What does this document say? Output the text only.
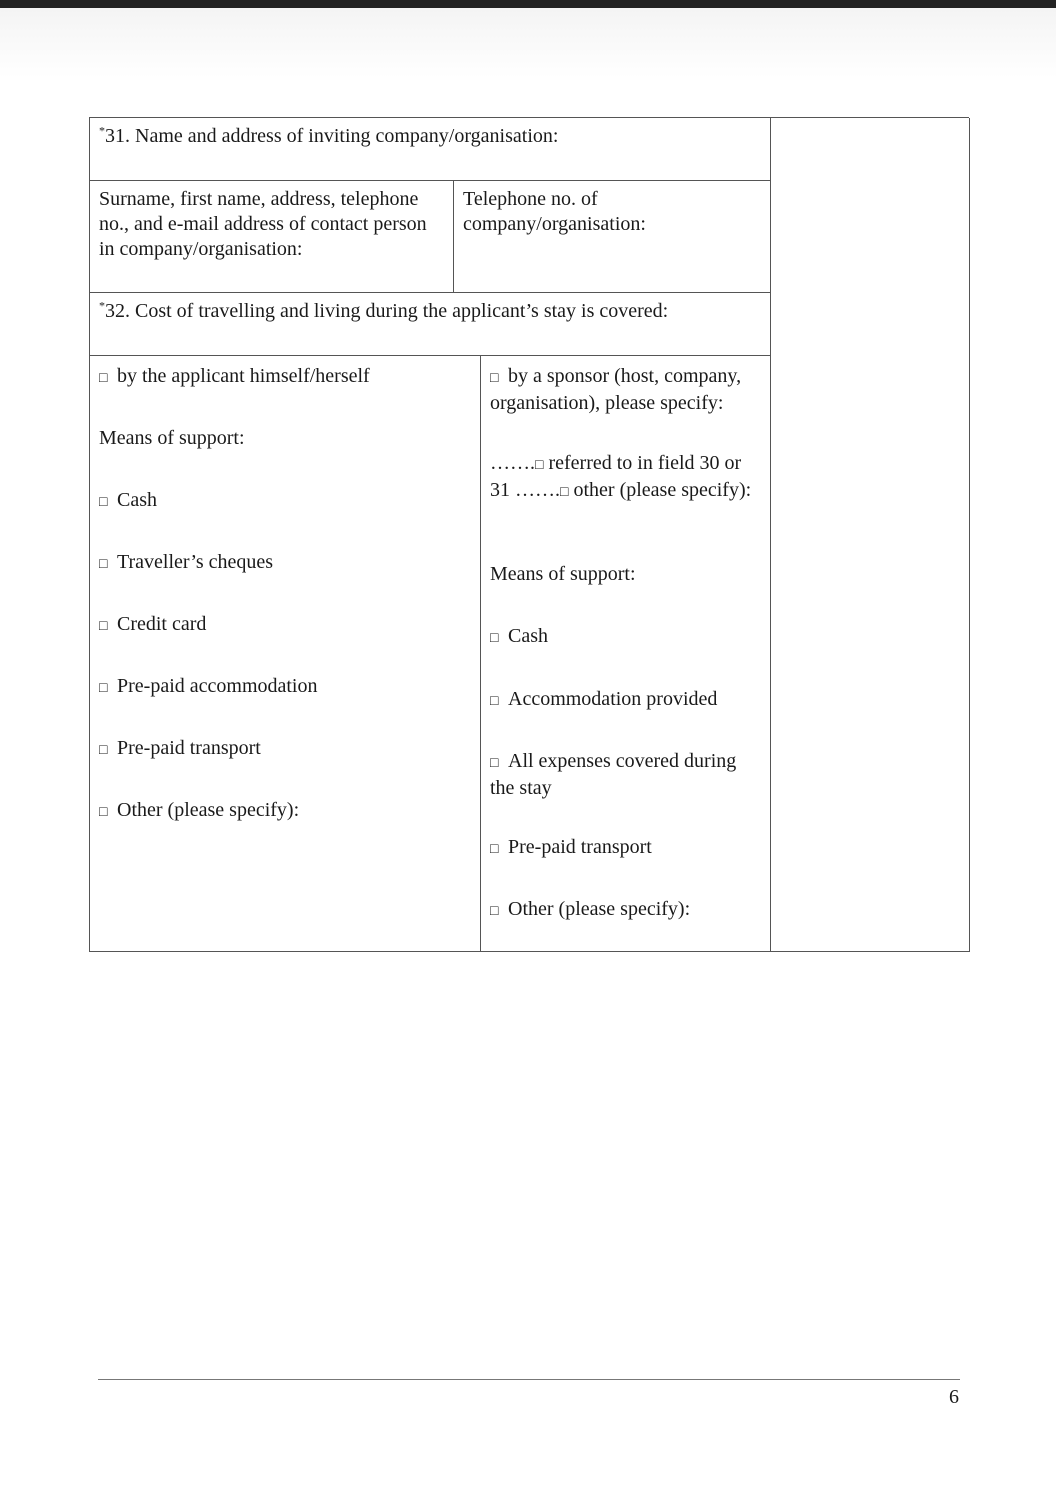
*31. Name and address of inviting company/organisation:

Surname, first name, address, telephone no., and e-mail address of contact person in company/organisation:

Telephone no. of company/organisation:

*32. Cost of travelling and living during the applicant’s stay is covered:

□ by the applicant himself/herself
Means of support:
□ Cash
□ Traveller’s cheques
□ Credit card
□ Pre-paid accommodation
□ Pre-paid transport
□ Other (please specify):
□ by a sponsor (host, company, organisation), please specify:
…….□ referred to in field 30 or 31 …….□ other (please specify):
Means of support:
□ Cash
□ Accommodation provided
□ All expenses covered during the stay
□ Pre-paid transport
□ Other (please specify):
6
